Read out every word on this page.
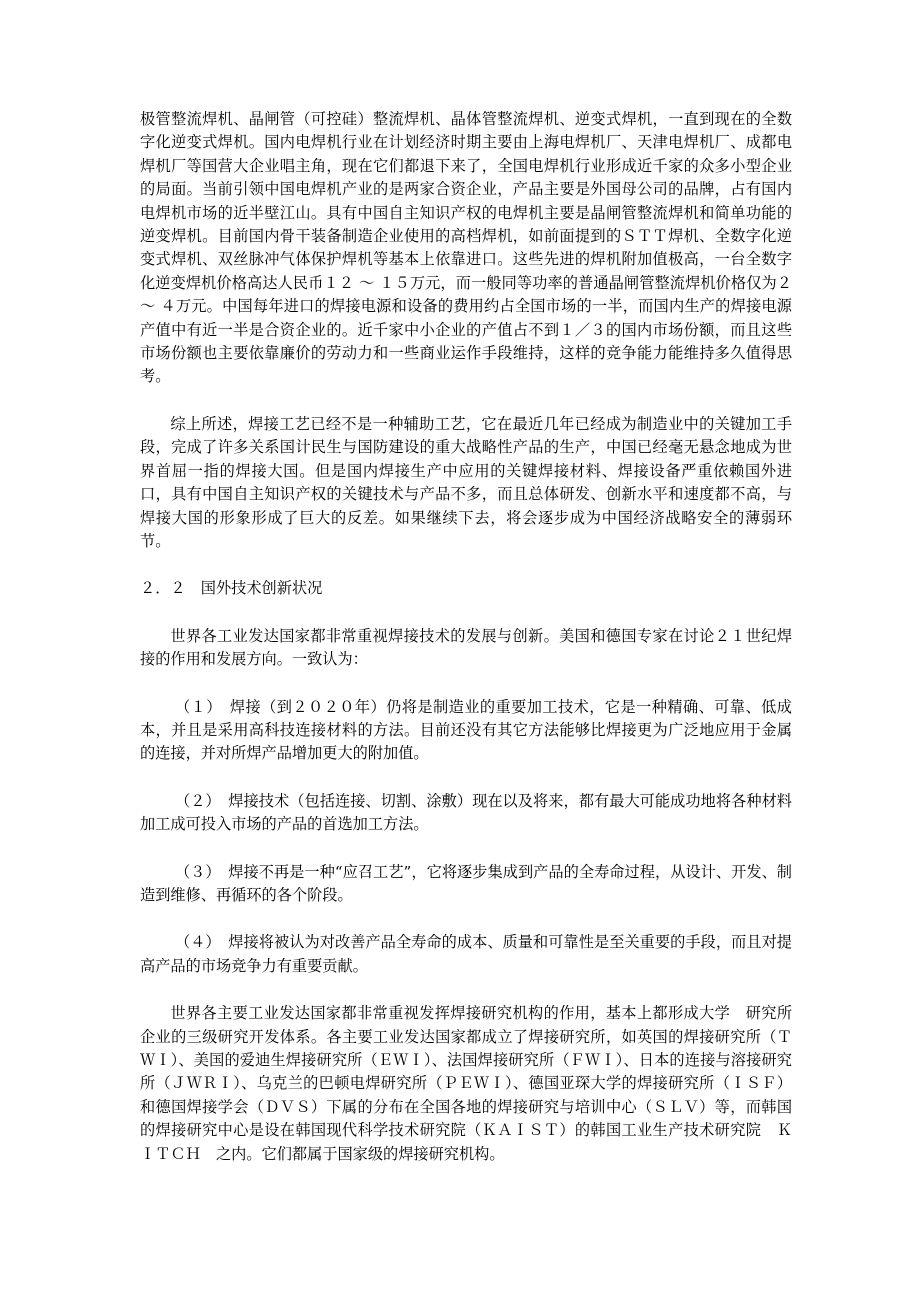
极管整流焊机、晶闸管（可控硅）整流焊机、晶体管整流焊机、逆变式焊机，一直到现在的全数字化逆变式焊机。国内电焊机行业在计划经济时期主要由上海电焊机厂、天津电焊机厂、成都电焊机厂等国营大企业唱主角，现在它们都退下来了，全国电焊机行业形成近千家的众多小型企业的局面。当前引领中国电焊机产业的是两家合资企业，产品主要是外国母公司的品牌，占有国内电焊机市场的近半壁江山。具有中国自主知识产权的电焊机主要是晶闸管整流焊机和简单功能的逆变焊机。目前国内骨干装备制造企业使用的高档焊机，如前面提到的ＳＴＴ焊机、全数字化逆变式焊机、双丝脉冲气体保护焊机等基本上依靠进口。这些先进的焊机附加值极高，一台全数字化逆变焊机价格高达人民币１２ ～ １５万元，而一般同等功率的普通晶闸管整流焊机价格仅为２ ～ ４万元。中国每年进口的焊接电源和设备的费用约占全国市场的一半，而国内生产的焊接电源产值中有近一半是合资企业的。近千家中小企业的产值占不到１／３的国内市场份额，而且这些市场份额也主要依靠廉价的劳动力和一些商业运作手段维持，这样的竞争能力能维持多久值得思考。

综上所述，焊接工艺已经不是一种辅助工艺，它在最近几年已经成为制造业中的关键加工手段，完成了许多关系国计民生与国防建设的重大战略性产品的生产，中国已经毫无悬念地成为世界首屈一指的焊接大国。但是国内焊接生产中应用的关键焊接材料、焊接设备严重依赖国外进口，具有中国自主知识产权的关键技术与产品不多，而且总体研发、创新水平和速度都不高，与焊接大国的形象形成了巨大的反差。如果继续下去，将会逐步成为中国经济战略安全的薄弱环节。

２．２　国外技术创新状况

世界各工业发达国家都非常重视焊接技术的发展与创新。美国和德国专家在讨论２１世纪焊接的作用和发展方向。一致认为：

（１）　焊接（到２０２０年）仍将是制造业的重要加工技术，它是一种精确、可靠、低成本，并且是采用高科技连接材料的方法。目前还没有其它方法能够比焊接更为广泛地应用于金属的连接，并对所焊产品增加更大的附加值。

（２）　焊接技术（包括连接、切割、涂敷）现在以及将来，都有最大可能成功地将各种材料加工成可投入市场的产品的首选加工方法。

（３）　焊接不再是一种“应召工艺”，它将逐步集成到产品的全寿命过程，从设计、开发、制造到维修、再循环的各个阶段。

（４）　焊接将被认为对改善产品全寿命的成本、质量和可靠性是至关重要的手段，而且对提高产品的市场竞争力有重要贡献。

世界各主要工业发达国家都非常重视发挥焊接研究机构的作用，基本上都形成大学　研究所　企业的三级研究开发体系。各主要工业发达国家都成立了焊接研究所，如英国的焊接研究所（ＴＷＩ）、美国的爱迪生焊接研究所（ＥＷＩ）、法国焊接研究所（ＦＷＩ）、日本的连接与溶接研究所（ＪＷＲＩ）、乌克兰的巴顿电焊研究所（ＰＥＷＩ）、德国亚琛大学的焊接研究所（ＩＳＦ）和德国焊接学会（ＤＶＳ）下属的分布在全国各地的焊接研究与培训中心（ＳＬＶ）等，而韩国的焊接研究中心是设在韩国现代科学技术研究院（ＫＡＩＳＴ）的韩国工业生产技术研究院　ＫＩＴＣＨ　之内。它们都属于国家级的焊接研究机构。
